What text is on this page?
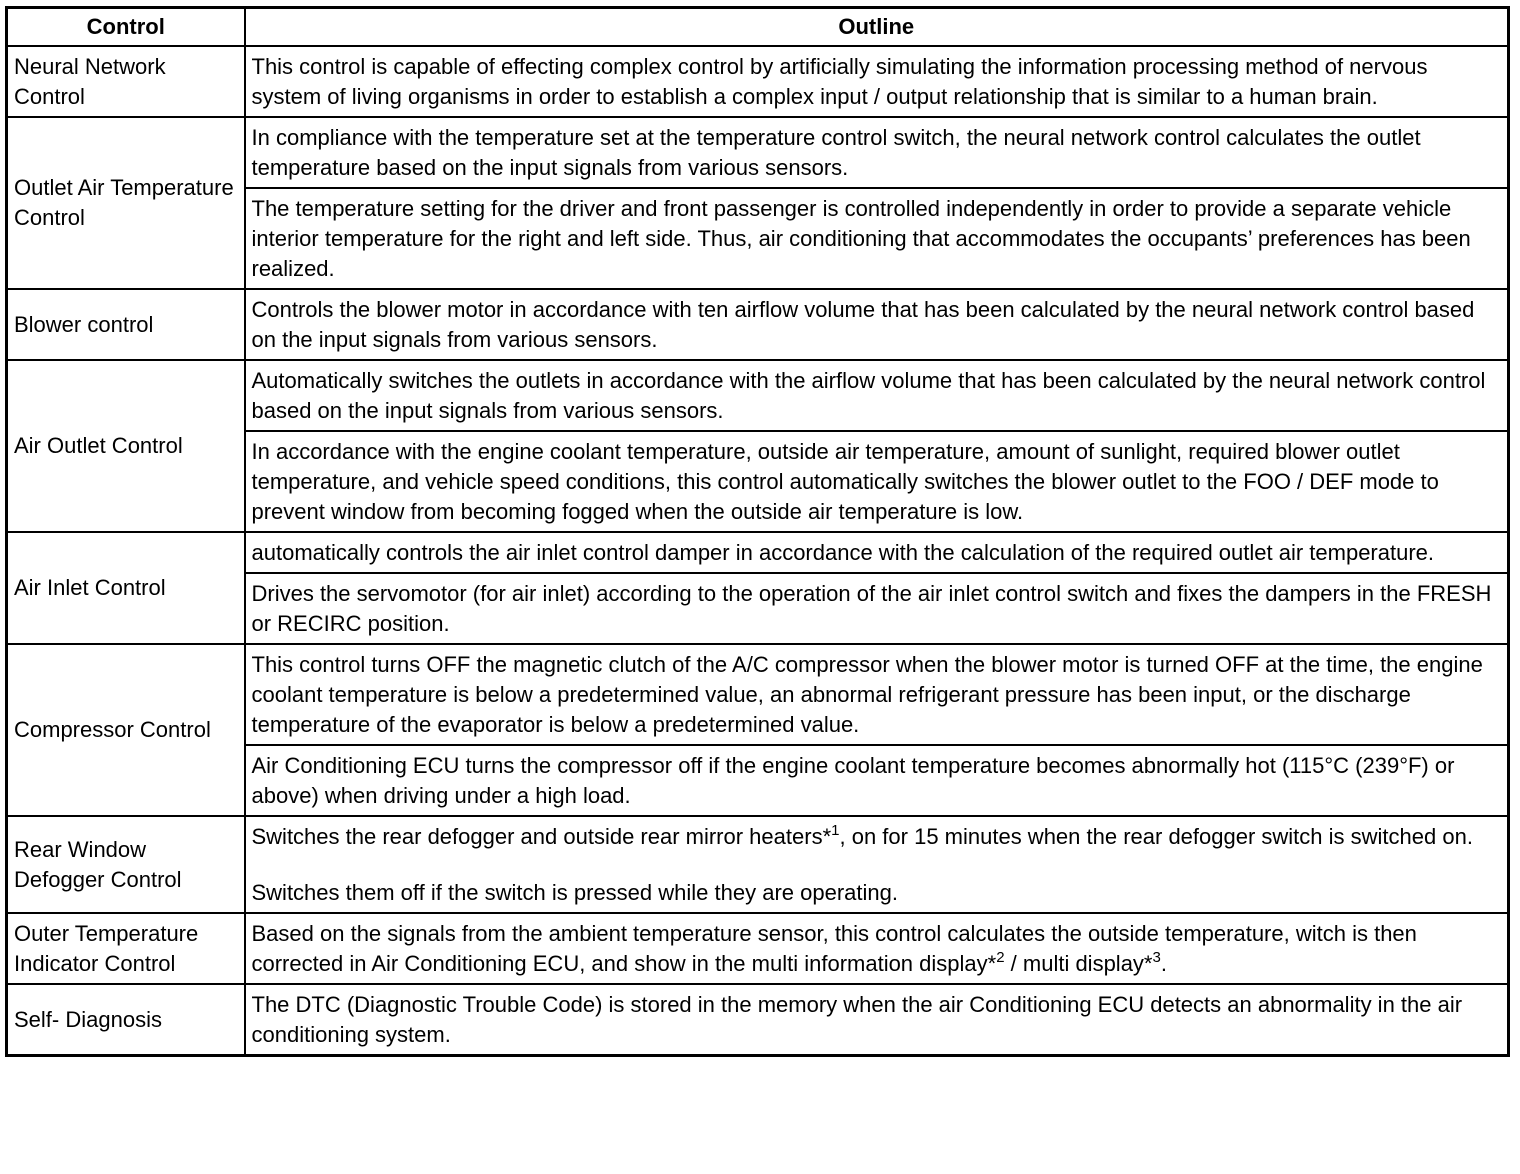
Control	Outline
Neural Network Control	This control is capable of effecting complex control by artificially simulating the information processing method of nervous system of living organisms in order to establish a complex input / output relationship that is similar to a human brain.
Outlet Air Temperature Control	In compliance with the temperature set at the temperature control switch, the neural network control calculates the outlet temperature based on the input signals from various sensors.
	The temperature setting for the driver and front passenger is controlled independently in order to provide a separate vehicle interior temperature for the right and left side. Thus, air conditioning that accommodates the occupants’ preferences has been realized.
Blower control	Controls the blower motor in accordance with ten airflow volume that has been calculated by the neural network control based on the input signals from various sensors.
Air Outlet Control	Automatically switches the outlets in accordance with the airflow volume that has been calculated by the neural network control based on the input signals from various sensors.
	In accordance with the engine coolant temperature, outside air temperature, amount of sunlight, required blower outlet temperature, and vehicle speed conditions, this control automatically switches the blower outlet to the FOO / DEF mode to prevent window from becoming fogged when the outside air temperature is low.
Air Inlet Control	automatically controls the air inlet control damper in accordance with the calculation of the required outlet air temperature.
	Drives the servomotor (for air inlet) according to the operation of the air inlet control switch and fixes the dampers in the FRESH or RECIRC position.
Compressor Control	This control turns OFF the magnetic clutch of the A/C compressor when the blower motor is turned OFF at the time, the engine coolant temperature is below a predetermined value, an abnormal refrigerant pressure has been input, or the discharge temperature of the evaporator is below a predetermined value.
	Air Conditioning ECU turns the compressor off if the engine coolant temperature becomes abnormally hot (115°C (239°F) or above) when driving under a high load.
Rear Window Defogger Control	Switches the rear defogger and outside rear mirror heaters*$^1$, on for 15 minutes when the rear defogger switch is switched on.
Switches them off if the switch is pressed while they are operating.

Outer Temperature Indicator Control	Based on the signals from the ambient temperature sensor, this control calculates the outside temperature, witch is then corrected in Air Conditioning ECU, and show in the multi information display*$^2$ / multi display*$^3$.
Self- Diagnosis	The DTC (Diagnostic Trouble Code) is stored in the memory when the air Conditioning ECU detects an abnormality in the air conditioning system.
